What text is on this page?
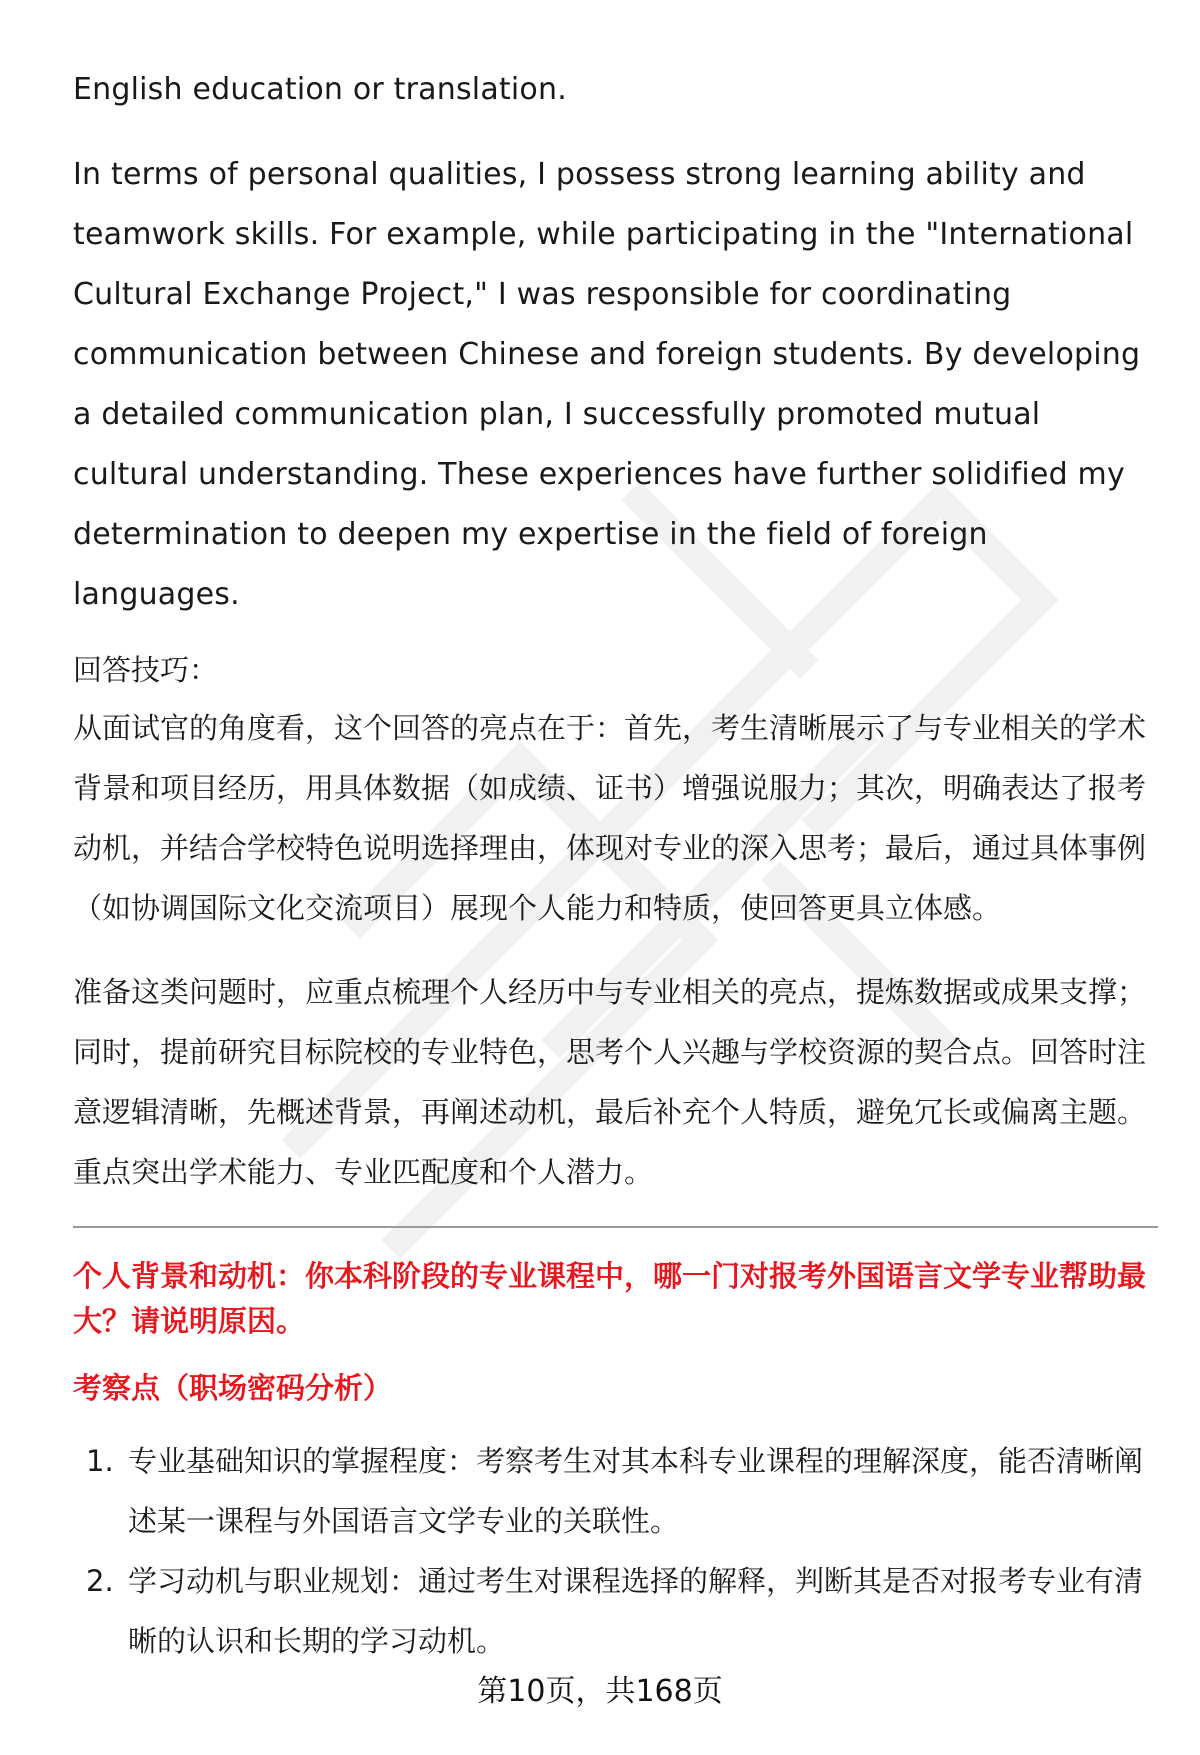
English education or translation.

In terms of personal qualities, I possess strong learning ability and teamwork skills. For example, while participating in the "International Cultural Exchange Project," I was responsible for coordinating communication between Chinese and foreign students. By developing a detailed communication plan, I successfully promoted mutual cultural understanding. These experiences have further solidified my determination to deepen my expertise in the field of foreign languages.

回答技巧：

从面试官的角度看，这个回答的亮点在于：首先，考生清晰展示了与专业相关的学术背景和项目经历，用具体数据（如成绩、证书）增强说服力；其次，明确表达了报考动机，并结合学校特色说明选择理由，体现对专业的深入思考；最后，通过具体事例（如协调国际文化交流项目）展现个人能力和特质，使回答更具立体感。

准备这类问题时，应重点梳理个人经历中与专业相关的亮点，提炼数据或成果支撑；同时，提前研究目标院校的专业特色，思考个人兴趣与学校资源的契合点。回答时注意逻辑清晰，先概述背景，再阐述动机，最后补充个人特质，避免冗长或偏离主题。重点突出学术能力、专业匹配度和个人潜力。

个人背景和动机：你本科阶段的专业课程中，哪一门对报考外国语言文学专业帮助最大？请说明原因。
考察点（职场密码分析）
1. 专业基础知识的掌握程度：考察考生对其本科专业课程的理解深度，能否清晰阐述某一课程与外国语言文学专业的关联性。
2. 学习动机与职业规划：通过考生对课程选择的解释，判断其是否对报考专业有清晰的认识和长期的学习动机。
第10页，共168页
